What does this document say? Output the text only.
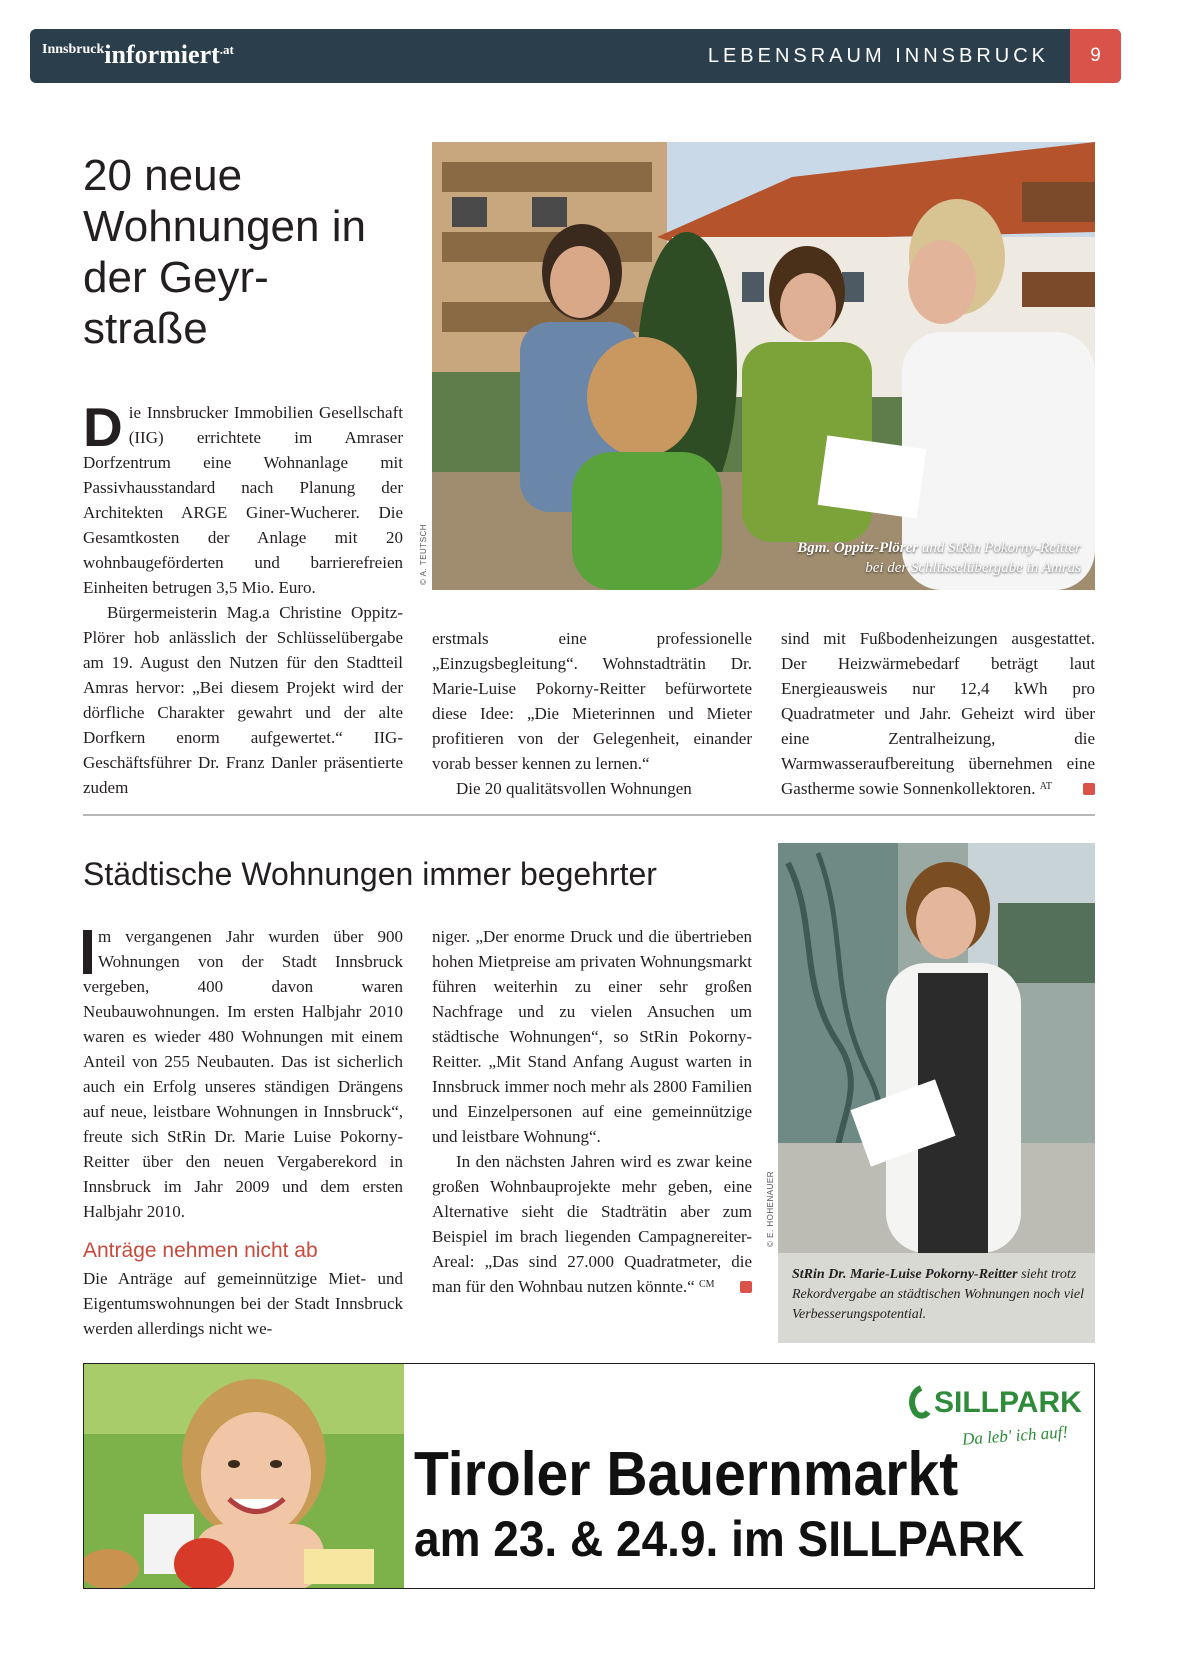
Innsbruckinformiert$^{.at}$	LEBENSRAUM INNSBRUCK	9
20 neue Wohnungen in der Geyr-straße
Bgm. Oppitz-Plörer und StRin Pokorny-Reitter bei der Schlüsselübergabe in Amras
© A. TEUTSCH

Die Innsbrucker Immobilien Gesellschaft (IIG) errichtete im Amraser Dorfzentrum eine Wohnanlage mit Passivhausstandard nach Planung der Architekten ARGE Giner-Wucherer. Die Gesamtkosten der Anlage mit 20 wohnbaugeförderten und barrierefreien Einheiten betrugen 3,5 Mio. Euro.

Bürgermeisterin Mag.a Christine Oppitz-Plörer hob anlässlich der Schlüsselübergabe am 19. August den Nutzen für den Stadtteil Amras hervor: „Bei diesem Projekt wird der dörfliche Charakter gewahrt und der alte Dorfkern enorm aufgewertet.“ IIG-Geschäftsführer Dr. Franz Danler präsentierte zudem

erstmals eine professionelle „Einzugsbegleitung“. Wohnstadträtin Dr. Marie-Luise Pokorny-Reitter befürwortete diese Idee: „Die Mieterinnen und Mieter profitieren von der Gelegenheit, einander vorab besser kennen zu lernen.“

Die 20 qualitätsvollen Wohnungen

sind mit Fußbodenheizungen ausgestattet. Der Heizwärmebedarf beträgt laut Energieausweis nur 12,4 kWh pro Quadratmeter und Jahr. Geheizt wird über eine Zentralheizung, die Warmwasseraufbereitung übernehmen eine Gastherme sowie Sonnenkollektoren. $^{AT}$

Städtische Wohnungen immer begehrter

m vergangenen Jahr wurden über 900 Wohnungen von der Stadt Innsbruck vergeben, 400 davon waren Neubauwohnungen. Im ersten Halbjahr 2010 waren es wieder 480 Wohnungen mit einem Anteil von 255 Neubauten. Das ist sicherlich auch ein Erfolg unseres ständigen Drängens auf neue, leistbare Wohnungen in Innsbruck“, freute sich StRin Dr. Marie Luise Pokorny-Reitter über den neuen Vergaberekord in Innsbruck im Jahr 2009 und dem ersten Halbjahr 2010.

Anträge nehmen nicht ab

Die Anträge auf gemeinnützige Miet- und Eigentumswohnungen bei der Stadt Innsbruck werden allerdings nicht we-

niger. „Der enorme Druck und die übertrieben hohen Mietpreise am privaten Wohnungsmarkt führen weiterhin zu einer sehr großen Nachfrage und zu vielen Ansuchen um städtische Wohnungen“, so StRin Pokorny-Reitter. „Mit Stand Anfang August warten in Innsbruck immer noch mehr als 2800 Familien und Einzelpersonen auf eine gemeinnützige und leistbare Wohnung“.

In den nächsten Jahren wird es zwar keine großen Wohnbauprojekte mehr geben, eine Alternative sieht die Stadträtin aber zum Beispiel im brach liegenden Campagnereiter-Areal: „Das sind 27.000 Quadratmeter, die man für den Wohnbau nutzen könnte.“ $^{CM}$

© E. HOHENAUER
StRin Dr. Marie-Luise Pokorny-Reitter sieht trotz Rekordvergabe an städtischen Wohnungen noch viel Verbesserungspotential.
SILLPARK
Da leb' ich auf!
Tiroler Bauernmarkt
am 23. & 24.9. im SILLPARK
